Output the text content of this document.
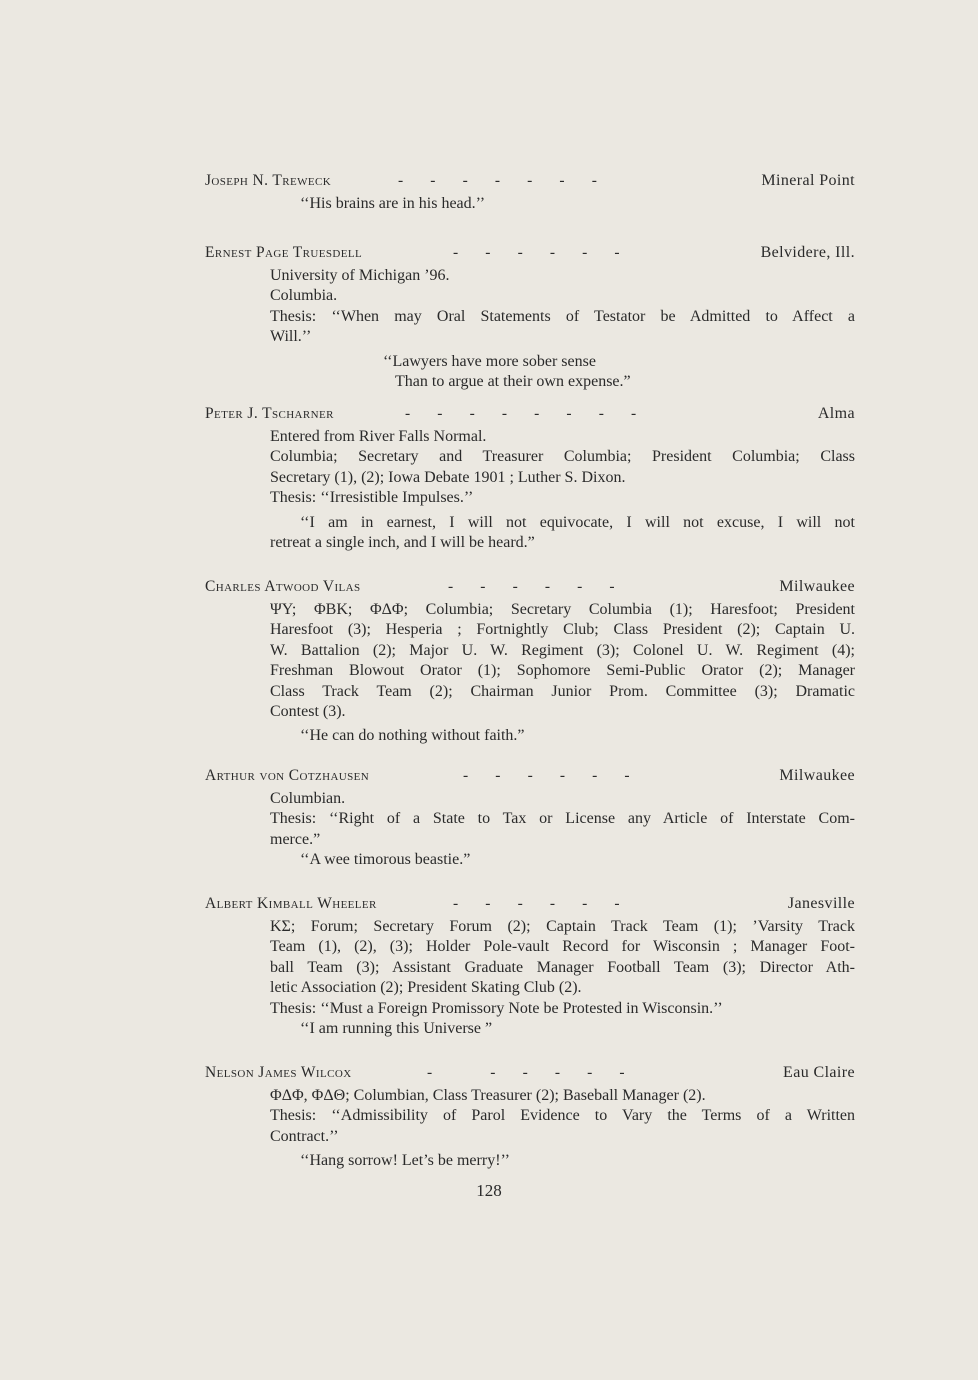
Joseph N. Treweck	-       -       -       -       -       -       -	Mineral Point
‘‘His brains are in his head.’’
Ernest Page Truesdell	-       -       -       -       -       -	Belvidere, Ill.
University of Michigan ’96.
Columbia.
Thesis: ‘‘When may Oral Statements of Testator be Admitted to Affect a
Will.’’
‘‘Lawyers have more sober sense
Than to argue at their own expense.”
Peter J. Tscharner	-       -       -       -       -       -       -       -	Alma
Entered from River Falls Normal.
Columbia; Secretary and Treasurer Columbia; President Columbia; Class
Secretary (1), (2); Iowa Debate 1901 ; Luther S. Dixon.
Thesis: ‘‘Irresistible Impulses.’’
‘‘I am in earnest, I will not equivocate, I will not excuse, I will not
retreat a single inch, and I will be heard.”
Charles Atwood Vilas	-       -       -       -       -       -	Milwaukee
ΨΥ; ΦΒΚ; ΦΔΦ; Columbia; Secretary Columbia (1); Haresfoot; President
Haresfoot (3); Hesperia ; Fortnightly Club; Class President (2); Captain U.
W. Battalion (2); Major U. W. Regiment (3); Colonel U. W. Regiment (4);
Freshman Blowout Orator (1); Sophomore Semi-Public Orator (2); Manager
Class Track Team (2); Chairman Junior Prom. Committee (3); Dramatic
Contest (3).
‘‘He can do nothing without faith.”
Arthur von Cotzhausen	-       -       -       -       -       -	Milwaukee
Columbian.
Thesis: ‘‘Right of a State to Tax or License any Article of Interstate Com-
merce.”
‘‘A wee timorous beastie.”
Albert Kimball Wheeler	-       -       -       -       -       -	Janesville
ΚΣ; Forum; Secretary Forum (2); Captain Track Team (1); ’Varsity Track
Team (1), (2), (3); Holder Pole-vault Record for Wisconsin ; Manager Foot-
ball Team (3); Assistant Graduate Manager Football Team (3); Director Ath-
letic Association (2); President Skating Club (2).
Thesis: ‘‘Must a Foreign Promissory Note be Protested in Wisconsin.’’
‘‘I am running this Universe ”
Nelson James Wilcox	-               -       -       -       -       -	Eau Claire
ΦΔΦ, ΦΔΘ; Columbian, Class Treasurer (2); Baseball Manager (2).
Thesis: ‘‘Admissibility of Parol Evidence to Vary the Terms of a Written
Contract.’’
‘‘Hang sorrow! Let’s be merry!’’
128
